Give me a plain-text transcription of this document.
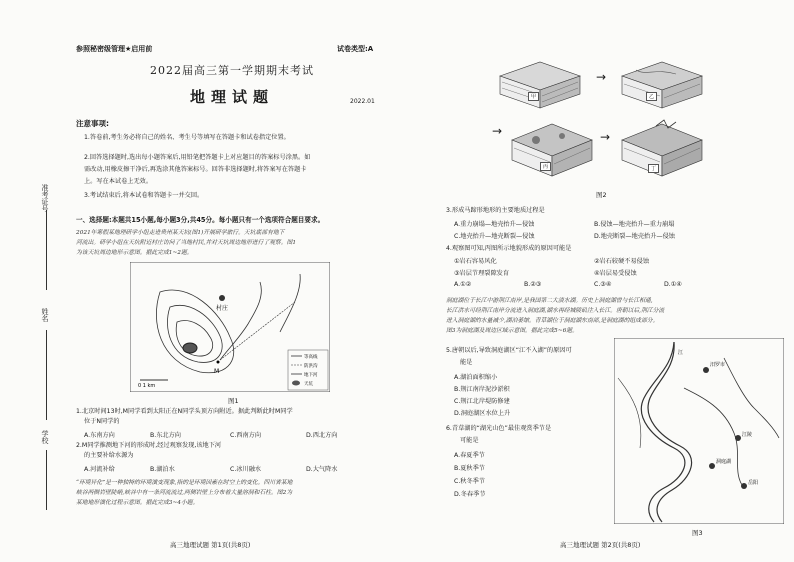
参照秘密级管理★启用前	试卷类型:A
2022届高三第一学期期末考试
地理试题	2022.01
注意事项:
1.答卷前,考生务必将自己的姓名、考生号等填写在答题卡和试卷指定位置。
2.回答选择题时,选出每小题答案后,用铅笔把答题卡上对应题目的答案标号涂黑。如
需改动,用橡皮擦干净后,再选涂其他答案标号。回答非选择题时,将答案写在答题卡
上。写在本试卷上无效。
3.考试结束后,将本试卷和答题卡一并交回。
准考证号
姓名
学校
一、选择题:本题共15小题,每小题3分,共45分。每小题只有一个选项符合题目要求。
2021年寒假某地理研学小组走进贵州某天坑(图1)开展研学旅行。天坑底部有地下
河流出。研学小组在天坑附近村庄访问了当地村民,并对天坑周边地形进行了观察。图1
为该天坑周边地形示意图。据此完成1~2题。
村庄
M
0 1 km
等高线
防洪沟
地下河
天坑
图1
1.北京时间13时,M同学看到太阳正在N同学头顶方向附近。据此判断此时M同学
位于N同学的
A.东南方向	B.东北方向	C.西南方向	D.西北方向
2.M同学推测地下河的形成时,经过观察发现,该地下河
的主要补给水源为
A.河流补给	B.湖泊水	C.冰川融水	D.大气降水
“环境异化”是一种独特的环境演变现象,指的是环境因素在时空上的变化。四川省某地
峡谷两侧岩壁陡峭,峡谷中有一条河流流过,两侧岩壁上分布着大量溶洞和石柱。图2为
某地地形演化过程示意图。据此完成3~4小题。
高三地理试题 第1页(共8页)
甲
→
乙
→
丙
→
丁
图2
3.形成马蹄形地形的主要地质过程是
A.重力崩塌—地壳抬升—侵蚀	B.侵蚀—地壳抬升—重力崩塌
C.地壳抬升—地壳断裂—侵蚀	D.地壳断裂—地壳抬升—侵蚀
4.观察图可知,丙图所示地貌形成的原因可能是
①岩石容易风化	②岩石较硬不易侵蚀
③岩层节理裂隙发育	④岩层易受侵蚀
A.①②	B.②③	C.③④	D.①④
洞庭湖位于长江中游荆江南岸,是我国第二大淡水湖。历史上洞庭湖曾与长江相通,
长江洪水可经荆江南岸分流进入洞庭湖,湖水再经城陵矶注入长江。唐朝以后,荆江分流
进入洞庭湖的水量减少,湖泊萎缩。青草湖位于洞庭湖东南部,是洞庭湖的组成部分。
图3为洞庭湖及周边区域示意图。据此完成5~6题。
5.唐朝以后,导致洞庭湖区“江不入湖”的原因可
能是
A.湖泊面积缩小
B.荆江南岸泥沙淤积
C.荆江北岸堤防修建
D.洞庭湖区水位上升
6.青草湖的“湖光山色”最佳观赏季节是
可能是
A.春夏季节
B.夏秋季节
C.秋冬季节
D.冬春季节
汨罗市
江陵
洞庭湖
岳阳
江
图3
高三地理试题 第2页(共8页)
